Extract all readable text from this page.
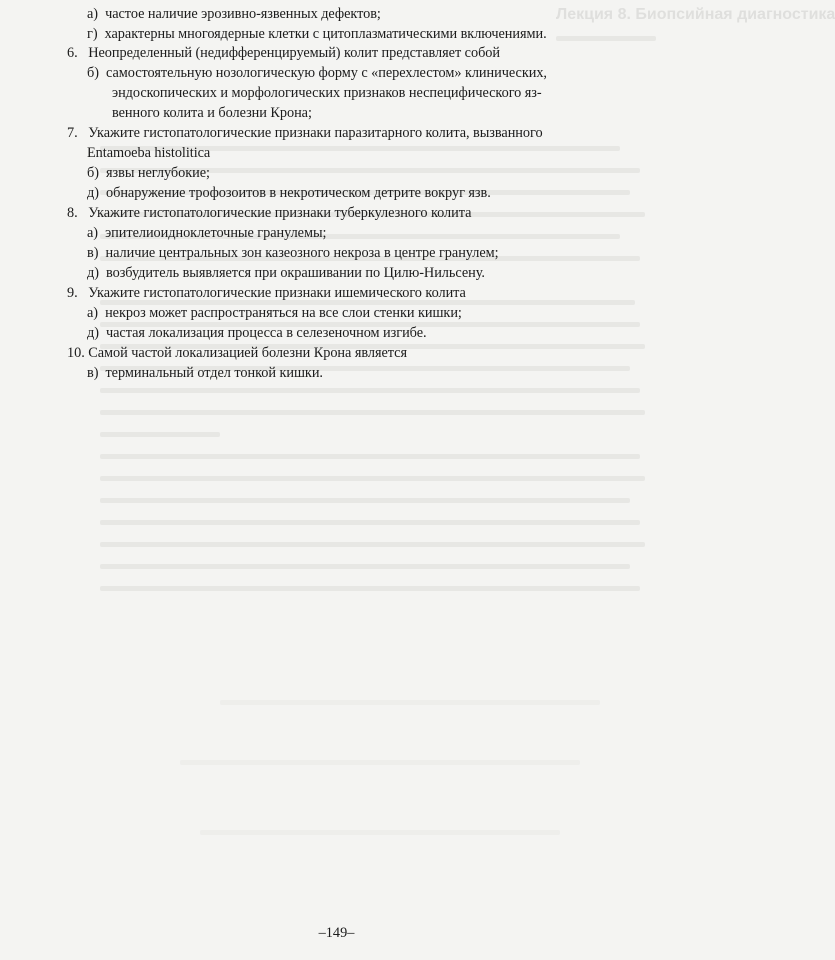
Лекция 8. Биопсийная диагностика
а) частое наличие эрозивно-язвенных дефектов;
г) характерны многоядерные клетки с цитоплазматическими включениями.
6. Неопределенный (недифференцируемый) колит представляет собой
б) самостоятельную нозологическую форму с «перехлестом» клинических,
эндоскопических и морфологических признаков неспецифического яз-
венного колита и болезни Крона;
7. Укажите гистопатологические признаки паразитарного колита, вызванного
Entamoeba histolitica
б) язвы неглубокие;
д) обнаружение трофозоитов в некротическом детрите вокруг язв.
8. Укажите гистопатологические признаки туберкулезного колита
а) эпителиоидноклеточные гранулемы;
в) наличие центральных зон казеозного некроза в центре гранулем;
д) возбудитель выявляется при окрашивании по Цилю-Нильсену.
9. Укажите гистопатологические признаки ишемического колита
а) некроз может распространяться на все слои стенки кишки;
д) частая локализация процесса в селезеночном изгибе.
10. Самой частой локализацией болезни Крона является
в) терминальный отдел тонкой кишки.
–149–
